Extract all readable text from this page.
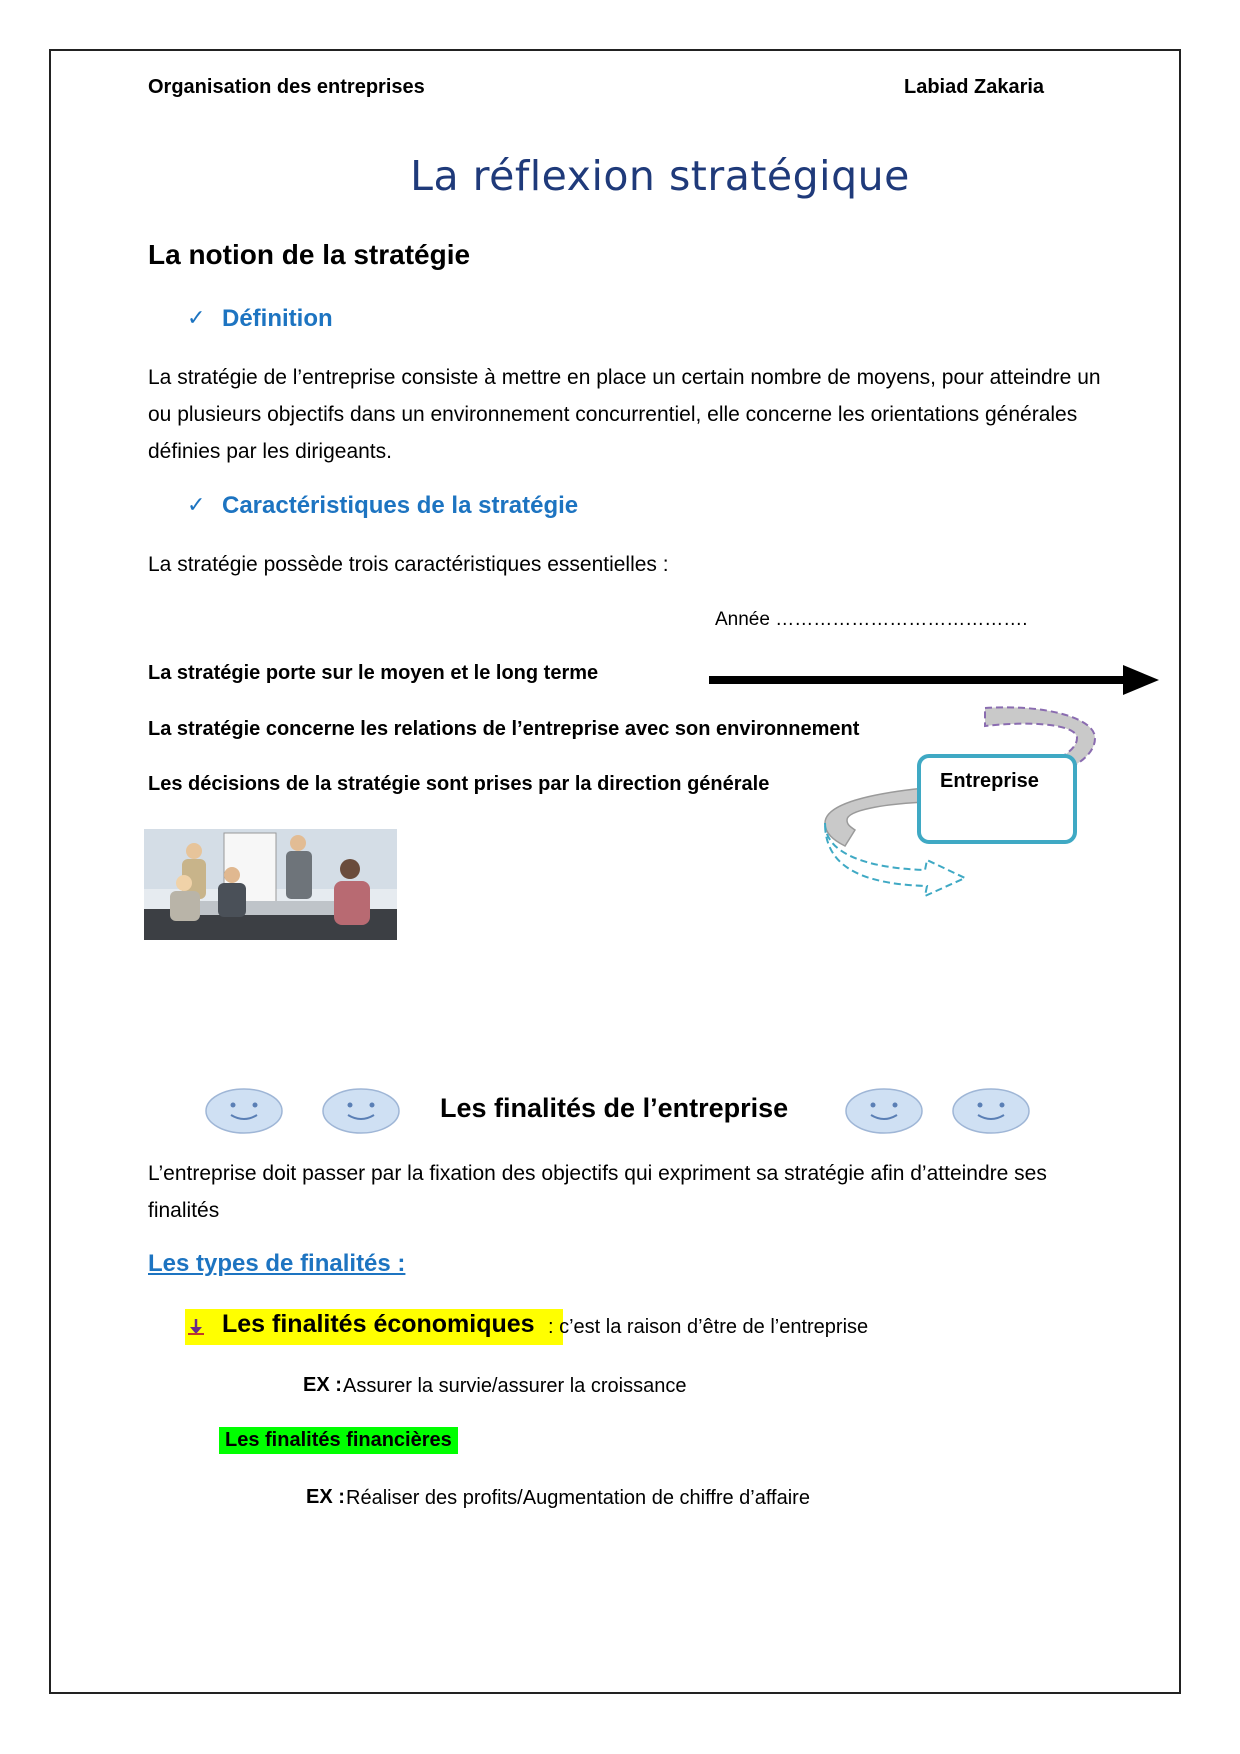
Organisation des entreprises	Labiad Zakaria
La réflexion stratégique
La notion de la stratégie
✓ Définition
La stratégie de l’entreprise consiste à mettre en place un certain nombre de moyens, pour atteindre un ou plusieurs objectifs dans un environnement concurrentiel, elle concerne les orientations générales définies par les dirigeants.
✓ Caractéristiques de la stratégie
La stratégie possède trois caractéristiques essentielles :
Année ………………………………….
La stratégie porte sur le moyen et le long terme
La stratégie concerne les relations de l’entreprise avec son environnement
Les décisions de la stratégie sont prises par la direction générale	Entreprise
Les finalités de l’entreprise
L’entreprise doit passer par la fixation des objectifs qui expriment sa stratégie afin d’atteindre ses finalités
Les types de finalités :
Les finalités économiques : c’est la raison d’être de l’entreprise
EX : Assurer la survie/assurer la croissance
Les finalités financières
EX : Réaliser des profits/Augmentation de chiffre d’affaire
